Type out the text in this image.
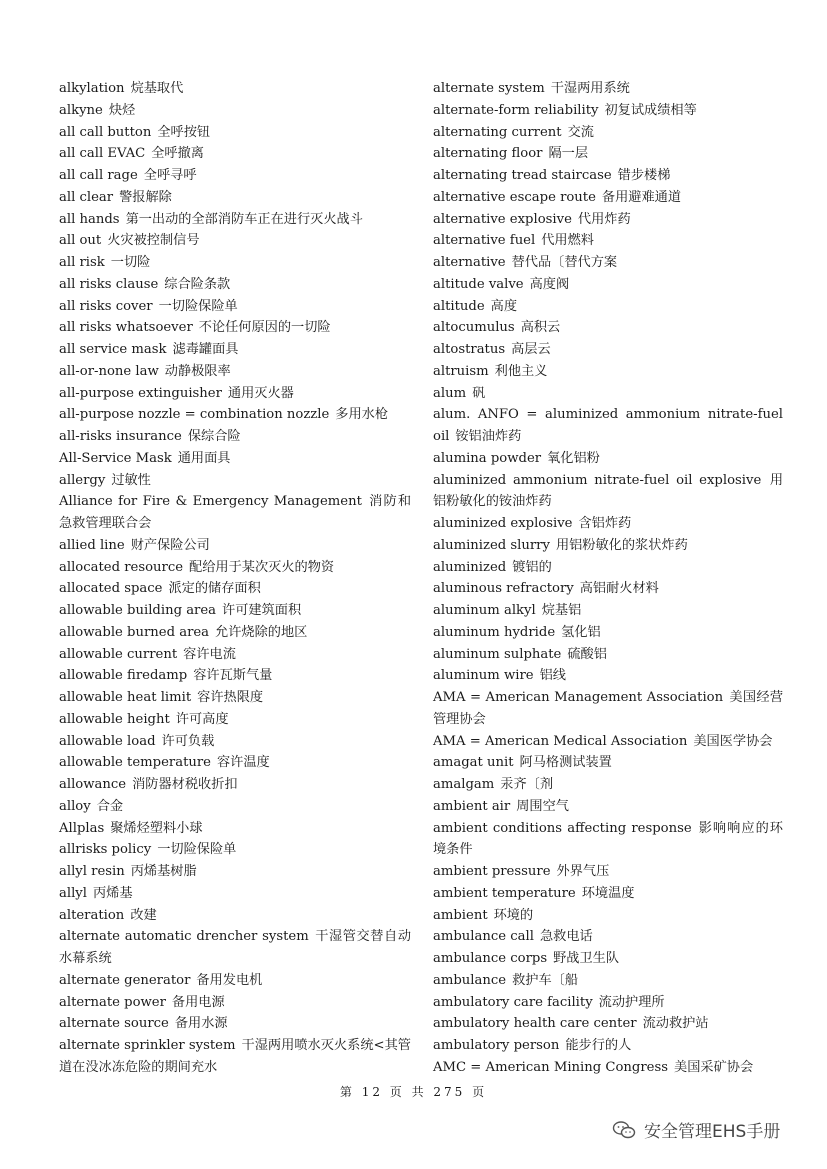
alkylation 烷基取代

alkyne 炔烃

all call button 全呼按钮

all call EVAC 全呼撤离

all call rage 全呼寻呼

all clear 警报解除

all hands 第一出动的全部消防车正在进行灭火战斗

all out 火灾被控制信号

all risk 一切险

all risks clause 综合险条款

all risks cover 一切险保险单

all risks whatsoever 不论任何原因的一切险

all service mask 滤毒罐面具

all-or-none law 动静极限率

all-purpose extinguisher 通用灭火器

all-purpose nozzle = combination nozzle 多用水枪

all-risks insurance 保综合险

All-Service Mask 通用面具

allergy 过敏性

Alliance for Fire & Emergency Management 消防和急救管理联合会

allied line 财产保险公司

allocated resource 配给用于某次灭火的物资

allocated space 派定的储存面积

allowable building area 许可建筑面积

allowable burned area 允许烧除的地区

allowable current 容许电流

allowable firedamp 容许瓦斯气量

allowable heat limit 容许热限度

allowable height 许可高度

allowable load 许可负载

allowable temperature 容许温度

allowance 消防器材税收折扣

alloy 合金

Allplas 聚烯烃塑料小球

allrisks policy 一切险保险单

allyl resin 丙烯基树脂

allyl 丙烯基

alteration 改建

alternate automatic drencher system 干湿管交替自动水幕系统

alternate generator 备用发电机

alternate power 备用电源

alternate source 备用水源

alternate sprinkler system 干湿两用喷水灭火系统<其管道在没冰冻危险的期间充水

alternate system 干湿两用系统

alternate-form reliability 初复试成绩相等

alternating current 交流

alternating floor 隔一层

alternating tread staircase 错步楼梯

alternative escape route 备用避难通道

alternative explosive 代用炸药

alternative fuel 代用燃料

alternative 替代品〔替代方案

altitude valve 高度阀

altitude 高度

altocumulus 高积云

altostratus 高层云

altruism 利他主义

alum 矾

alum. ANFO = aluminized ammonium nitrate-fuel oil 铵铝油炸药

alumina powder 氧化铝粉

aluminized ammonium nitrate-fuel oil explosive 用铝粉敏化的铵油炸药

aluminized explosive 含铝炸药

aluminized slurry 用铝粉敏化的浆状炸药

aluminized 镀铝的

aluminous refractory 高铝耐火材料

aluminum alkyl 烷基铝

aluminum hydride 氢化铝

aluminum sulphate 硫酸铝

aluminum wire 铝线

AMA = American Management Association 美国经营管理协会

AMA = American Medical Association 美国医学协会

amagat unit 阿马格测试装置

amalgam 汞齐〔剂

ambient air 周围空气

ambient conditions affecting response 影响响应的环境条件

ambient pressure 外界气压

ambient temperature 环境温度

ambient 环境的

ambulance call 急救电话

ambulance corps 野战卫生队

ambulance 救护车〔船

ambulatory care facility 流动护理所

ambulatory health care center 流动救护站

ambulatory person 能步行的人

AMC = American Mining Congress 美国采矿协会

第 12 页 共 275 页
安全管理EHS手册
